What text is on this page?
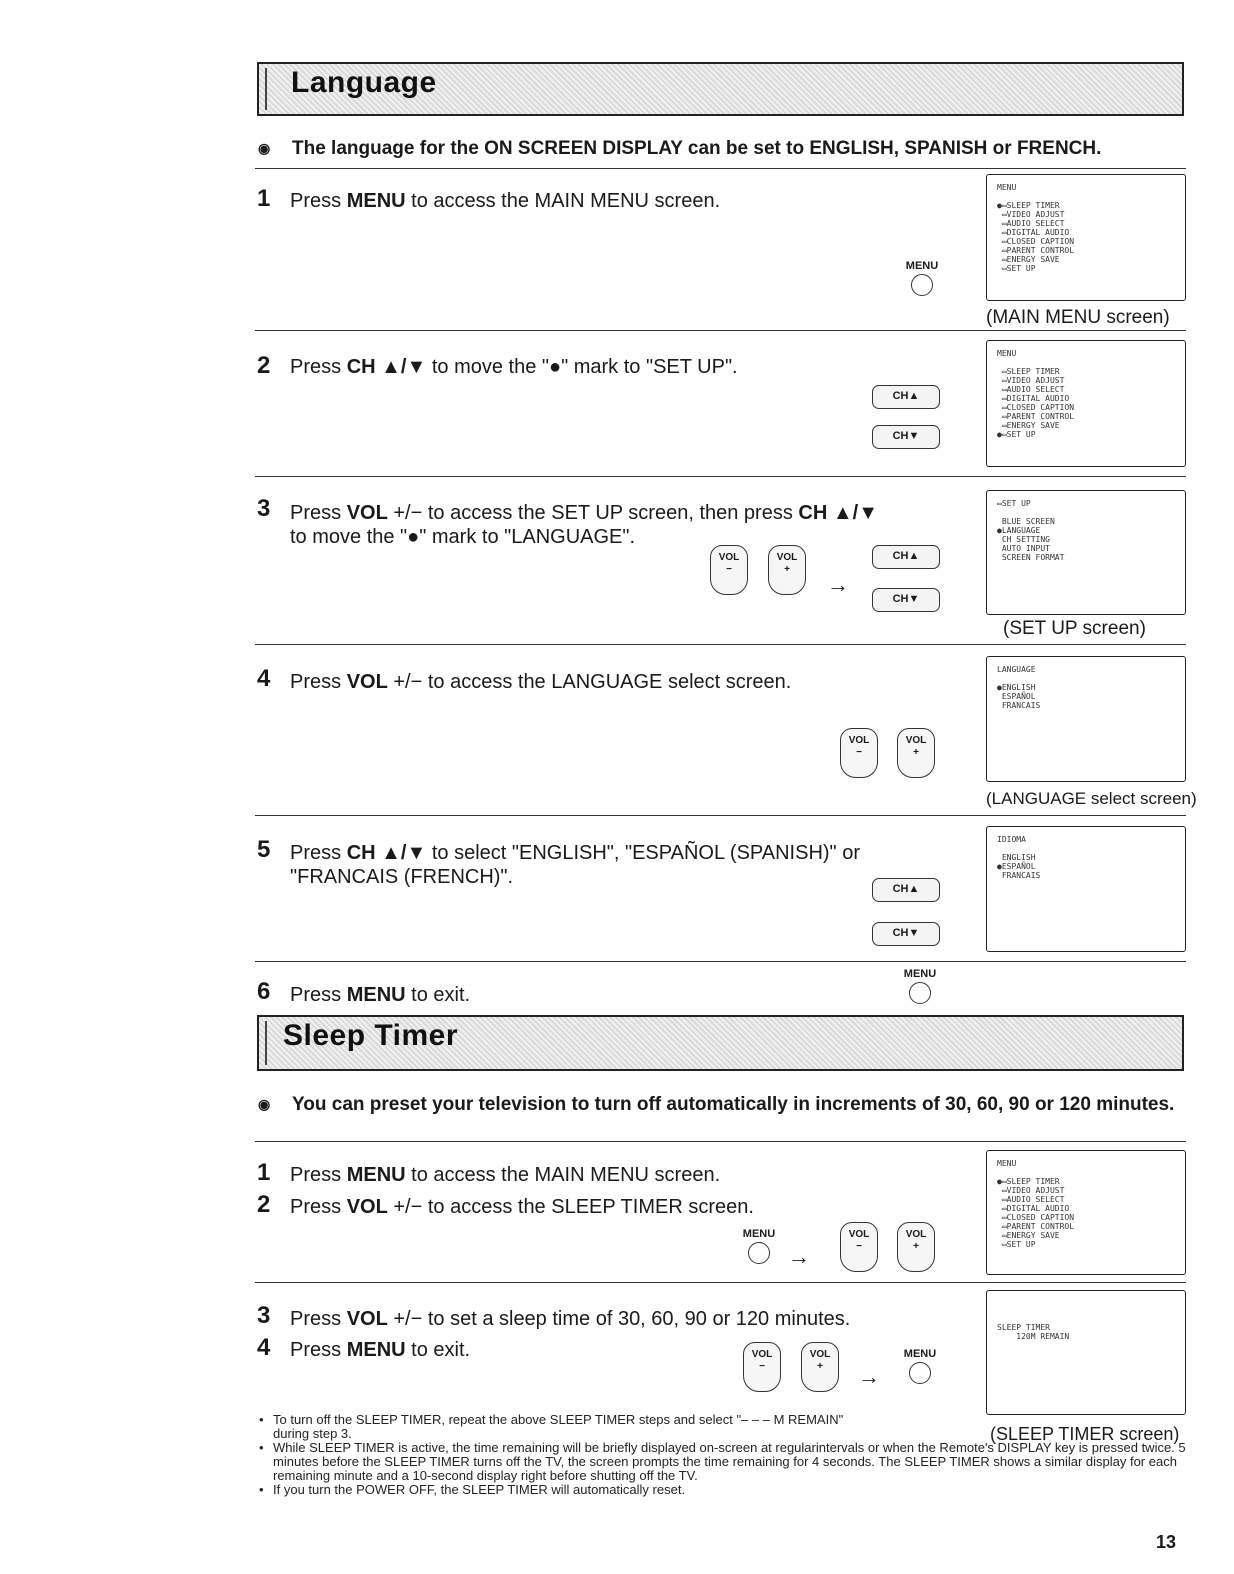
Language
◉ The language for the ON SCREEN DISPLAY can be set to ENGLISH, SPANISH or FRENCH.
1 Press MENU to access the MAIN MENU screen.
MENU
MENU

●▭SLEEP TIMER
▭VIDEO ADJUST
▭AUDIO SELECT
▭DIGITAL AUDIO
▭CLOSED CAPTION
▭PARENT CONTROL
▭ENERGY SAVE
▭SET UP
(MAIN MENU screen)
2 Press CH ▲/▼ to move the "●" mark to "SET UP".
CH▲
CH▼
MENU

▭SLEEP TIMER
▭VIDEO ADJUST
▭AUDIO SELECT
▭DIGITAL AUDIO
▭CLOSED CAPTION
▭PARENT CONTROL
▭ENERGY SAVE
●▭SET UP
3 Press VOL +/− to access the SET UP screen, then press CH ▲/▼
to move the "●" mark to "LANGUAGE".
VOL
−
VOL
+
→
CH▲
CH▼
▭SET UP

BLUE SCREEN
●LANGUAGE
CH SETTING
AUTO INPUT
SCREEN FORMAT
(SET UP screen)
4 Press VOL +/− to access the LANGUAGE select screen.
VOL
−
VOL
+
LANGUAGE

●ENGLISH
ESPAÑOL
FRANCAIS
(LANGUAGE select screen)
5 Press CH ▲/▼ to select "ENGLISH", "ESPAÑOL (SPANISH)" or
"FRANCAIS (FRENCH)".
CH▲
CH▼
IDIOMA

ENGLISH
●ESPAÑOL
FRANCAIS
6 Press MENU to exit.
MENU
Sleep Timer
◉ You can preset your television to turn off automatically in increments of 30, 60, 90 or 120 minutes.
1 Press MENU to access the MAIN MENU screen.
2 Press VOL +/− to access the SLEEP TIMER screen.
MENU
→
VOL
−
VOL
+
MENU

●▭SLEEP TIMER
▭VIDEO ADJUST
▭AUDIO SELECT
▭DIGITAL AUDIO
▭CLOSED CAPTION
▭PARENT CONTROL
▭ENERGY SAVE
▭SET UP
3 Press VOL +/− to set a sleep time of 30, 60, 90 or 120 minutes.
4 Press MENU to exit.	VOL
−
VOL
+	→
MENU

SLEEP TIMER
120M REMAIN
(SLEEP TIMER screen)
• To turn off the SLEEP TIMER, repeat the above SLEEP TIMER steps and select "– – – M REMAIN" during step 3.
• While SLEEP TIMER is active, the time remaining will be briefly displayed on-screen at regularintervals or when the Remote's DISPLAY key is pressed twice. 5 minutes before the SLEEP TIMER turns off the TV, the screen prompts the time remaining for 4 seconds. The SLEEP TIMER shows a similar display for each remaining minute and a 10-second display right before shutting off the TV.
• If you turn the POWER OFF, the SLEEP TIMER will automatically reset.
13
